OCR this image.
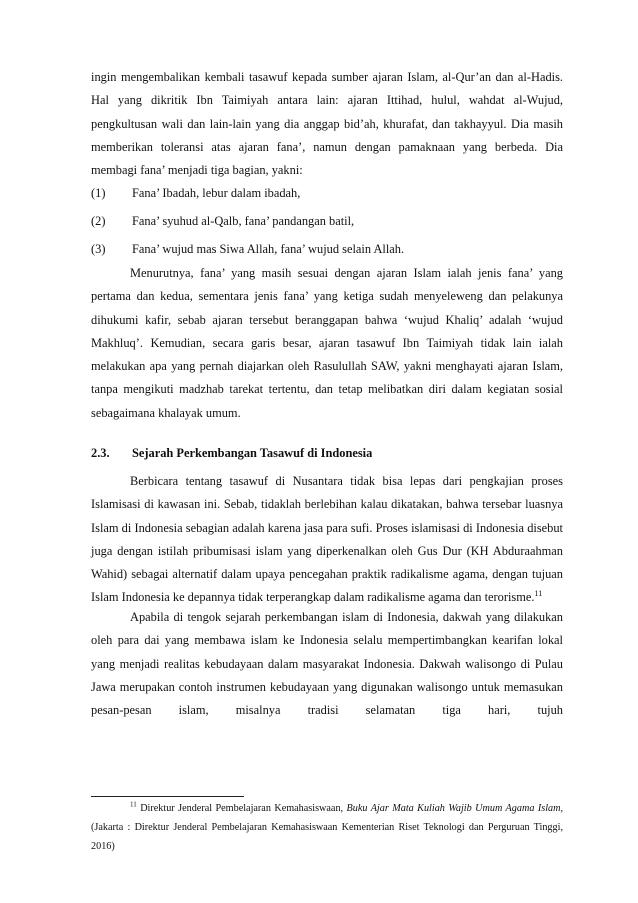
ingin mengembalikan kembali tasawuf kepada sumber ajaran Islam, al-Qur’an dan al-Hadis. Hal yang dikritik Ibn Taimiyah antara lain: ajaran Ittihad, hulul, wahdat al-Wujud, pengkultusan wali dan lain-lain yang dia anggap bid’ah, khurafat, dan takhayyul. Dia masih memberikan toleransi atas ajaran fana’, namun dengan pamaknaan yang berbeda. Dia membagi fana’ menjadi tiga bagian, yakni:
(1) Fana’ Ibadah, lebur dalam ibadah,
(2) Fana’ syuhud al-Qalb, fana’ pandangan batil,
(3) Fana’ wujud mas Siwa Allah, fana’ wujud selain Allah.
Menurutnya, fana’ yang masih sesuai dengan ajaran Islam ialah jenis fana’ yang pertama dan kedua, sementara jenis fana’ yang ketiga sudah menyeleweng dan pelakunya dihukumi kafir, sebab ajaran tersebut beranggapan bahwa ‘wujud Khaliq’ adalah ‘wujud Makhluq’. Kemudian, secara garis besar, ajaran tasawuf Ibn Taimiyah tidak lain ialah melakukan apa yang pernah diajarkan oleh Rasulullah SAW, yakni menghayati ajaran Islam, tanpa mengikuti madzhab tarekat tertentu, dan tetap melibatkan diri dalam kegiatan sosial sebagaimana khalayak umum.
2.3. Sejarah Perkembangan Tasawuf di Indonesia
Berbicara tentang tasawuf di Nusantara tidak bisa lepas dari pengkajian proses Islamisasi di kawasan ini. Sebab, tidaklah berlebihan kalau dikatakan, bahwa tersebar luasnya Islam di Indonesia sebagian adalah karena jasa para sufi. Proses islamisasi di Indonesia disebut juga dengan istilah pribumisasi islam yang diperkenalkan oleh Gus Dur (KH Abduraahman Wahid) sebagai alternatif dalam upaya pencegahan praktik radikalisme agama, dengan tujuan Islam Indonesia ke depannya tidak terperangkap dalam radikalisme agama dan terorisme.$^{11}$
Apabila di tengok sejarah perkembangan islam di Indonesia, dakwah yang dilakukan oleh para dai yang membawa islam ke Indonesia selalu mempertimbangkan kearifan lokal yang menjadi realitas kebudayaan dalam masyarakat Indonesia. Dakwah walisongo di Pulau Jawa merupakan contoh instrumen kebudayaan yang digunakan walisongo untuk memasukan pesan-pesan islam, misalnya tradisi selamatan tiga hari, tujuh
$^{11}$ Direktur Jenderal Pembelajaran Kemahasiswaan, Buku Ajar Mata Kuliah Wajib Umum Agama Islam, (Jakarta : Direktur Jenderal Pembelajaran Kemahasiswaan Kementerian Riset Teknologi dan Perguruan Tinggi, 2016)
